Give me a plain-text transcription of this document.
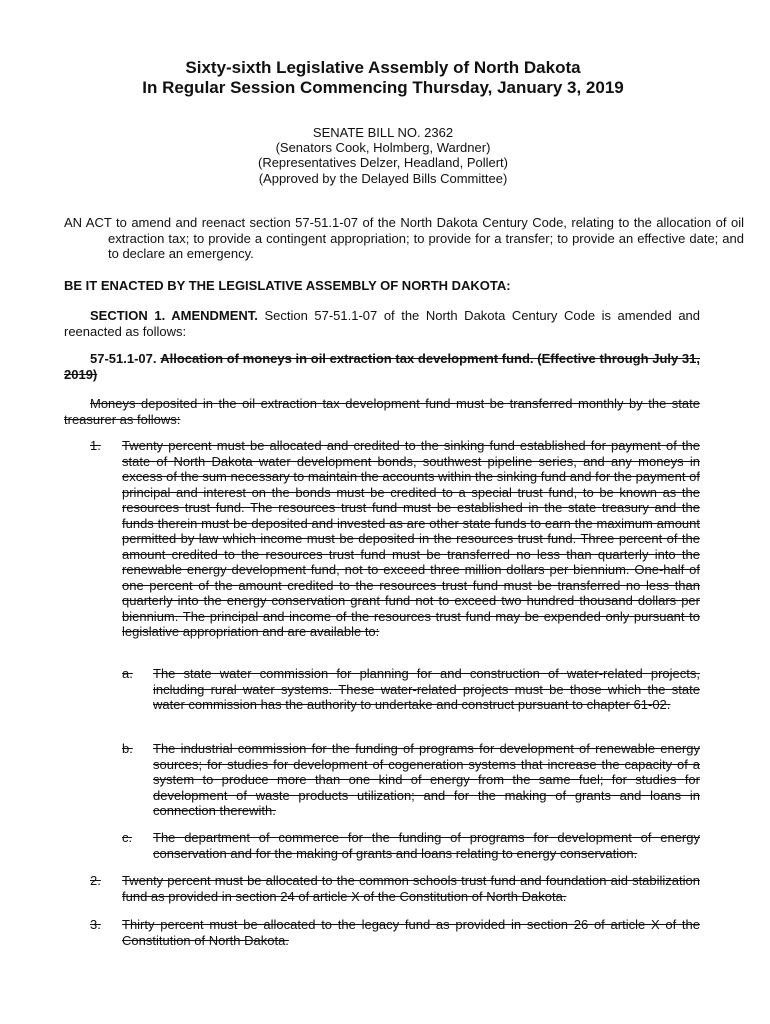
Sixty-sixth Legislative Assembly of North Dakota
In Regular Session Commencing Thursday, January 3, 2019
SENATE BILL NO. 2362
(Senators Cook, Holmberg, Wardner)
(Representatives Delzer, Headland, Pollert)
(Approved by the Delayed Bills Committee)
AN ACT to amend and reenact section 57-51.1-07 of the North Dakota Century Code, relating to the allocation of oil extraction tax; to provide a contingent appropriation; to provide for a transfer; to provide an effective date; and to declare an emergency.
BE IT ENACTED BY THE LEGISLATIVE ASSEMBLY OF NORTH DAKOTA:
SECTION 1. AMENDMENT. Section 57-51.1-07 of the North Dakota Century Code is amended and reenacted as follows:
57-51.1-07. Allocation of moneys in oil extraction tax development fund. (Effective through July 31, 2019)
Moneys deposited in the oil extraction tax development fund must be transferred monthly by the state treasurer as follows:
1. Twenty percent must be allocated and credited to the sinking fund established for payment of the state of North Dakota water development bonds, southwest pipeline series, and any moneys in excess of the sum necessary to maintain the accounts within the sinking fund and for the payment of principal and interest on the bonds must be credited to a special trust fund, to be known as the resources trust fund. The resources trust fund must be established in the state treasury and the funds therein must be deposited and invested as are other state funds to earn the maximum amount permitted by law which income must be deposited in the resources trust fund. Three percent of the amount credited to the resources trust fund must be transferred no less than quarterly into the renewable energy development fund, not to exceed three million dollars per biennium. One-half of one percent of the amount credited to the resources trust fund must be transferred no less than quarterly into the energy conservation grant fund not to exceed two hundred thousand dollars per biennium. The principal and income of the resources trust fund may be expended only pursuant to legislative appropriation and are available to:
a. The state water commission for planning for and construction of water-related projects, including rural water systems. These water-related projects must be those which the state water commission has the authority to undertake and construct pursuant to chapter 61-02.
b. The industrial commission for the funding of programs for development of renewable energy sources; for studies for development of cogeneration systems that increase the capacity of a system to produce more than one kind of energy from the same fuel; for studies for development of waste products utilization; and for the making of grants and loans in connection therewith.
c. The department of commerce for the funding of programs for development of energy conservation and for the making of grants and loans relating to energy conservation.
2. Twenty percent must be allocated to the common schools trust fund and foundation aid stabilization fund as provided in section 24 of article X of the Constitution of North Dakota.
3. Thirty percent must be allocated to the legacy fund as provided in section 26 of article X of the Constitution of North Dakota.
